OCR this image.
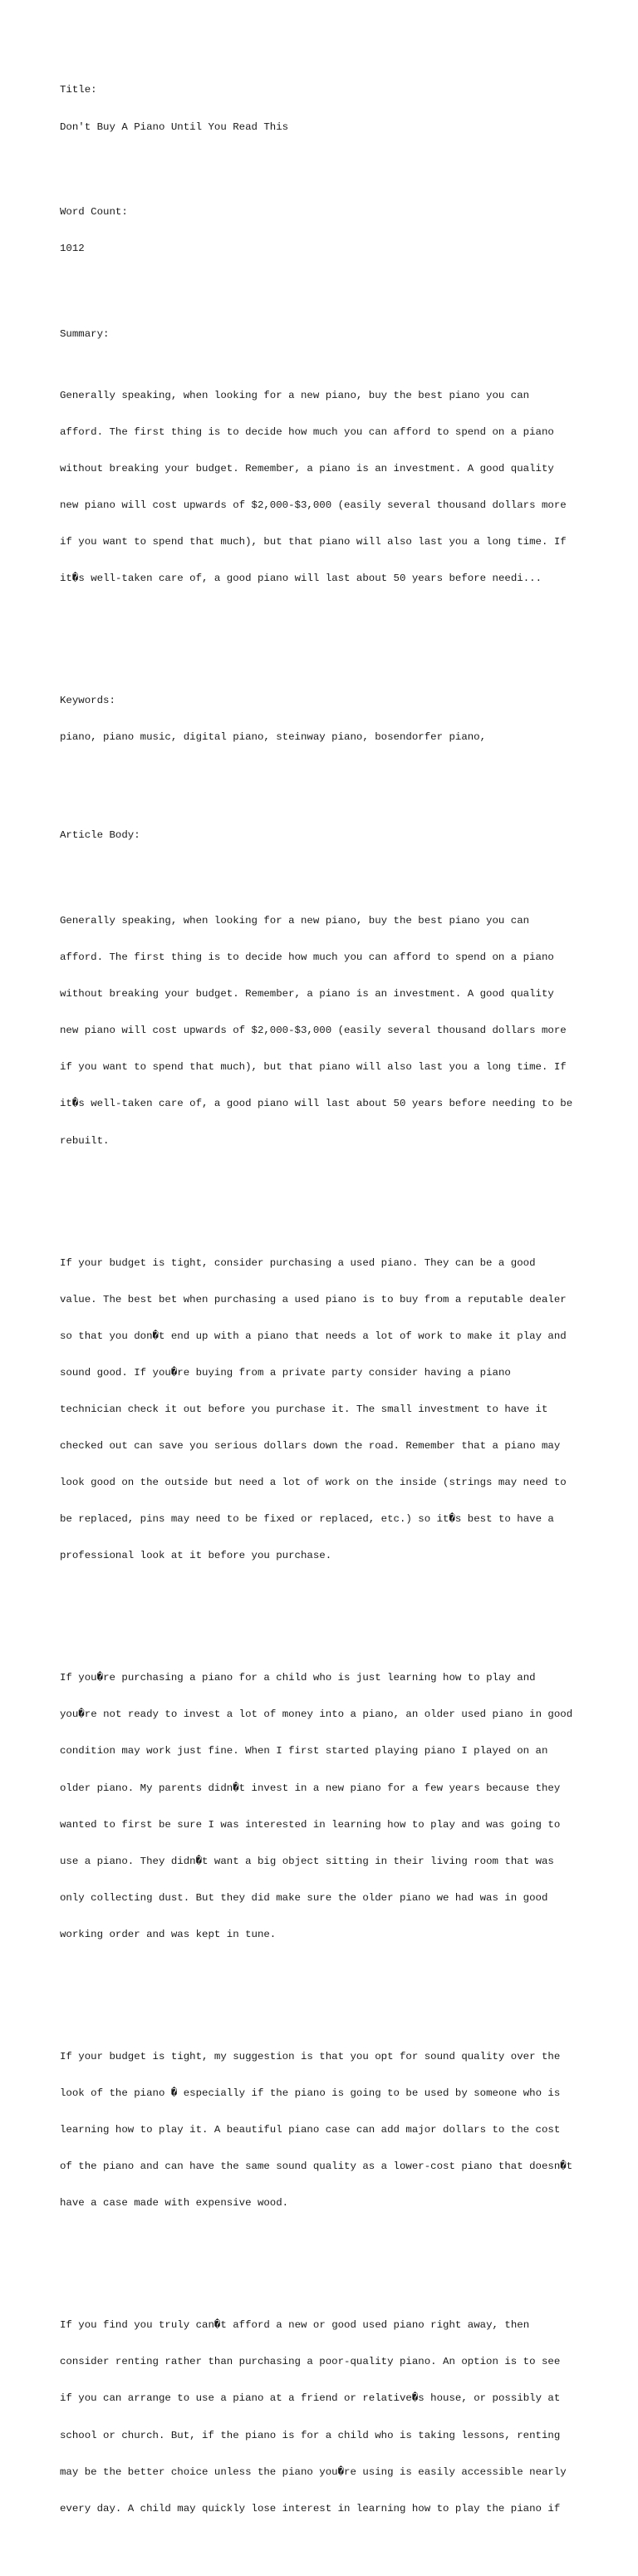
Title:

Don't Buy A Piano Until You Read This

Word Count:

1012

Summary:

Generally speaking, when looking for a new piano, buy the best piano you can

afford. The first thing is to decide how much you can afford to spend on a piano

without breaking your budget. Remember, a piano is an investment. A good quality

new piano will cost upwards of $2,000-$3,000 (easily several thousand dollars more

if you want to spend that much), but that piano will also last you a long time. If

it�s well-taken care of, a good piano will last about 50 years before needi...

Keywords:

piano, piano music, digital piano, steinway piano, bosendorfer piano,

Article Body:

Generally speaking, when looking for a new piano, buy the best piano you can

afford. The first thing is to decide how much you can afford to spend on a piano

without breaking your budget. Remember, a piano is an investment. A good quality

new piano will cost upwards of $2,000-$3,000 (easily several thousand dollars more

if you want to spend that much), but that piano will also last you a long time. If

it�s well-taken care of, a good piano will last about 50 years before needing to be

rebuilt.

If your budget is tight, consider purchasing a used piano. They can be a good

value. The best bet when purchasing a used piano is to buy from a reputable dealer

so that you don�t end up with a piano that needs a lot of work to make it play and

sound good. If you�re buying from a private party consider having a piano

technician check it out before you purchase it. The small investment to have it

checked out can save you serious dollars down the road. Remember that a piano may

look good on the outside but need a lot of work on the inside (strings may need to

be replaced, pins may need to be fixed or replaced, etc.) so it�s best to have a

professional look at it before you purchase.

If you�re purchasing a piano for a child who is just learning how to play and

you�re not ready to invest a lot of money into a piano, an older used piano in good

condition may work just fine. When I first started playing piano I played on an

older piano. My parents didn�t invest in a new piano for a few years because they

wanted to first be sure I was interested in learning how to play and was going to

use a piano. They didn�t want a big object sitting in their living room that was

only collecting dust. But they did make sure the older piano we had was in good

working order and was kept in tune.

If your budget is tight, my suggestion is that you opt for sound quality over the

look of the piano � especially if the piano is going to be used by someone who is

learning how to play it. A beautiful piano case can add major dollars to the cost

of the piano and can have the same sound quality as a lower-cost piano that doesn�t

have a case made with expensive wood.

If you find you truly can�t afford a new or good used piano right away, then

consider renting rather than purchasing a poor-quality piano. An option is to see

if you can arrange to use a piano at a friend or relative�s house, or possibly at

school or church. But, if the piano is for a child who is taking lessons, renting

may be the better choice unless the piano you�re using is easily accessible nearly

every day. A child may quickly lose interest in learning how to play the piano if
